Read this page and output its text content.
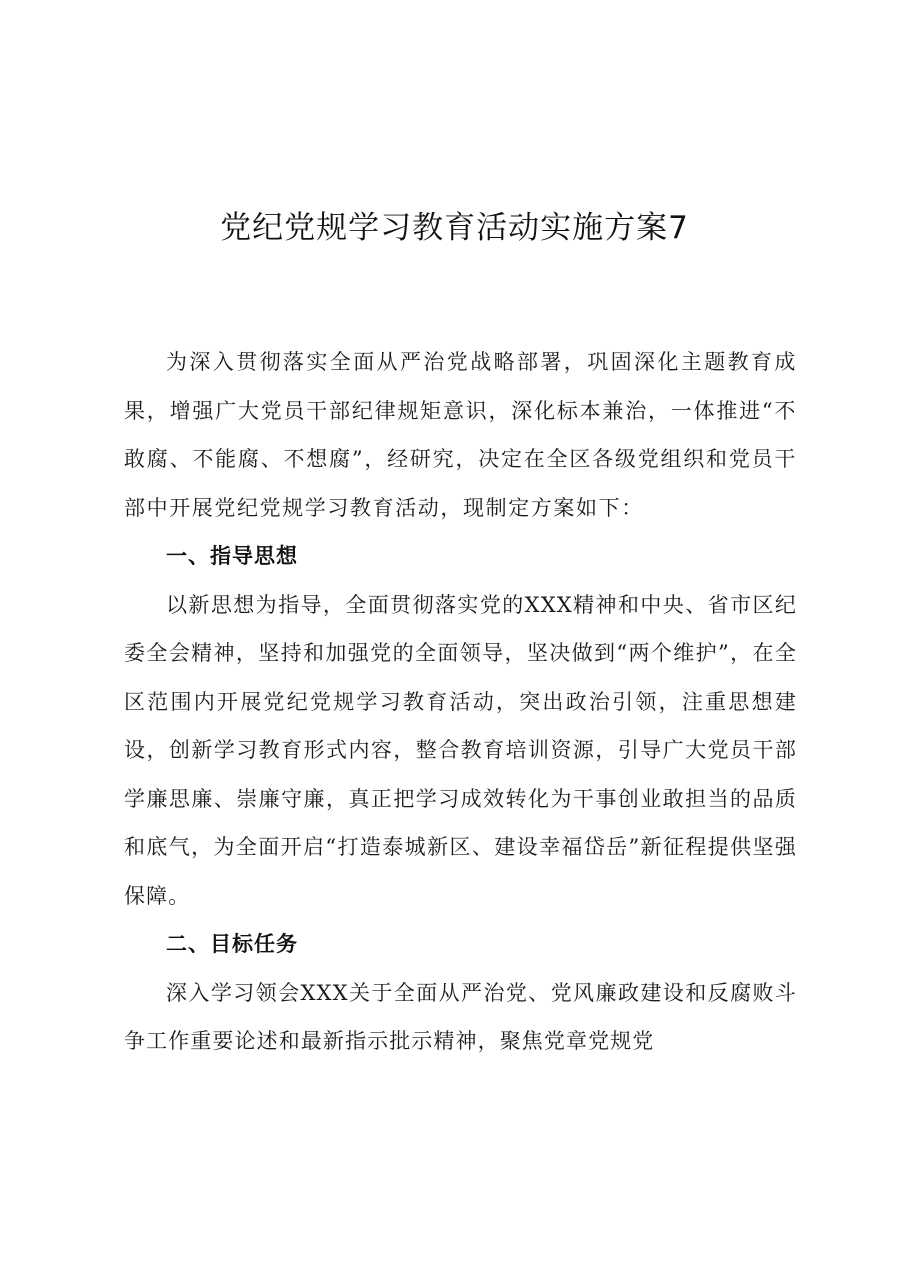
党纪党规学习教育活动实施方案7

为深入贯彻落实全面从严治党战略部署，巩固深化主题教育成果，增强广大党员干部纪律规矩意识，深化标本兼治，一体推进“不敢腐、不能腐、不想腐”，经研究，决定在全区各级党组织和党员干部中开展党纪党规学习教育活动，现制定方案如下：

一、指导思想

以新思想为指导，全面贯彻落实党的XXX精神和中央、省市区纪委全会精神，坚持和加强党的全面领导，坚决做到“两个维护”，在全区范围内开展党纪党规学习教育活动，突出政治引领，注重思想建设，创新学习教育形式内容，整合教育培训资源，引导广大党员干部学廉思廉、崇廉守廉，真正把学习成效转化为干事创业敢担当的品质和底气，为全面开启“打造泰城新区、建设幸福岱岳”新征程提供坚强保障。

二、目标任务

深入学习领会XXX关于全面从严治党、党风廉政建设和反腐败斗争工作重要论述和最新指示批示精神，聚焦党章党规党
